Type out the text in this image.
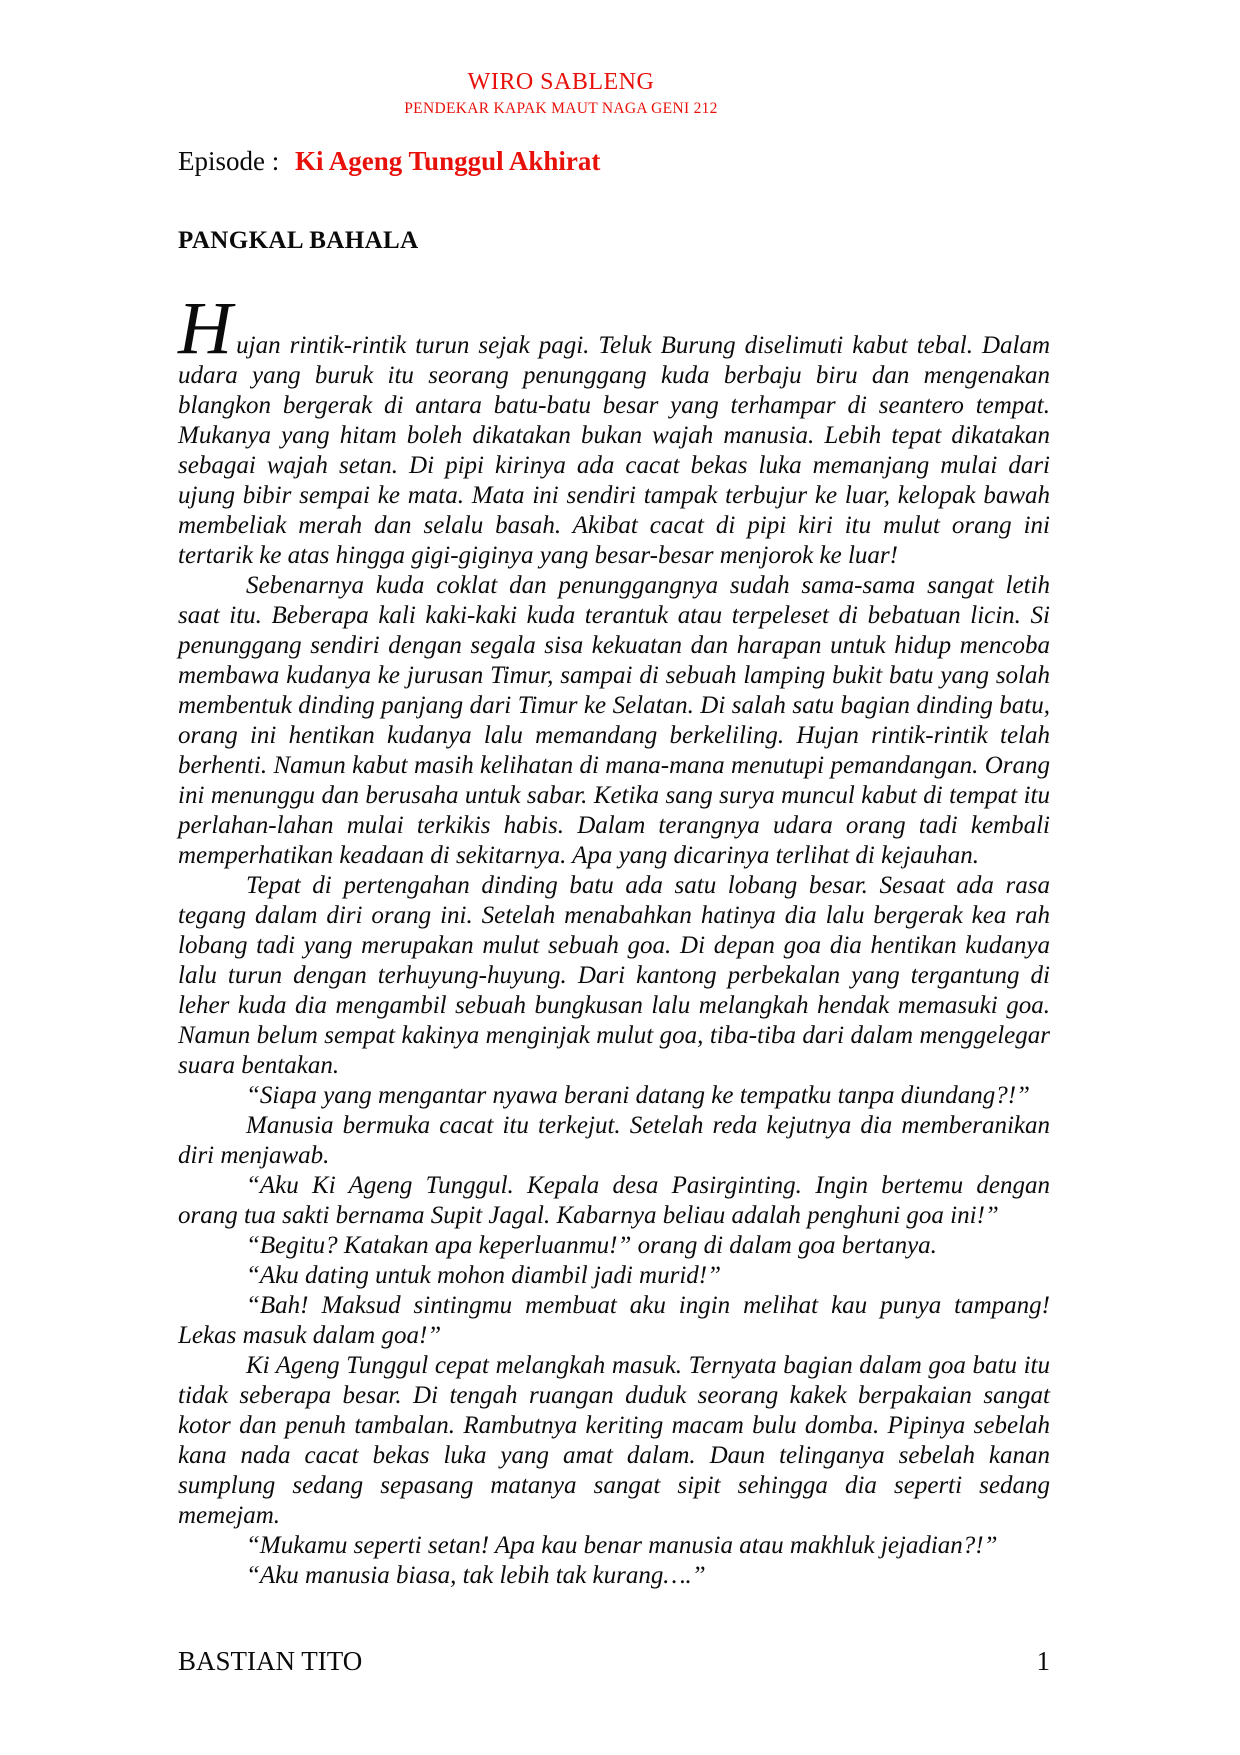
WIRO SABLENG
PENDEKAR KAPAK MAUT NAGA GENI 212
Episode : Ki Ageng Tunggul Akhirat
PANGKAL BAHALA

Hujan rintik-rintik turun sejak pagi. Teluk Burung diselimuti kabut tebal. Dalam udara yang buruk itu seorang penunggang kuda berbaju biru dan mengenakan blangkon bergerak di antara batu-batu besar yang terhampar di seantero tempat. Mukanya yang hitam boleh dikatakan bukan wajah manusia. Lebih tepat dikatakan sebagai wajah setan. Di pipi kirinya ada cacat bekas luka memanjang mulai dari ujung bibir sempai ke mata. Mata ini sendiri tampak terbujur ke luar, kelopak bawah membeliak merah dan selalu basah. Akibat cacat di pipi kiri itu mulut orang ini tertarik ke atas hingga gigi-giginya yang besar-besar menjorok ke luar!

Sebenarnya kuda coklat dan penunggangnya sudah sama-sama sangat letih saat itu. Beberapa kali kaki-kaki kuda terantuk atau terpeleset di bebatuan licin. Si penunggang sendiri dengan segala sisa kekuatan dan harapan untuk hidup mencoba membawa kudanya ke jurusan Timur, sampai di sebuah lamping bukit batu yang solah membentuk dinding panjang dari Timur ke Selatan. Di salah satu bagian dinding batu, orang ini hentikan kudanya lalu memandang berkeliling. Hujan rintik-rintik telah berhenti. Namun kabut masih kelihatan di mana-mana menutupi pemandangan. Orang ini menunggu dan berusaha untuk sabar. Ketika sang surya muncul kabut di tempat itu perlahan-lahan mulai terkikis habis. Dalam terangnya udara orang tadi kembali memperhatikan keadaan di sekitarnya. Apa yang dicarinya terlihat di kejauhan.

Tepat di pertengahan dinding batu ada satu lobang besar. Sesaat ada rasa tegang dalam diri orang ini. Setelah menabahkan hatinya dia lalu bergerak kea rah lobang tadi yang merupakan mulut sebuah goa. Di depan goa dia hentikan kudanya lalu turun dengan terhuyung-huyung. Dari kantong perbekalan yang tergantung di leher kuda dia mengambil sebuah bungkusan lalu melangkah hendak memasuki goa. Namun belum sempat kakinya menginjak mulut goa, tiba-tiba dari dalam menggelegar suara bentakan.

“Siapa yang mengantar nyawa berani datang ke tempatku tanpa diundang?!”

Manusia bermuka cacat itu terkejut. Setelah reda kejutnya dia memberanikan diri menjawab.

“Aku Ki Ageng Tunggul. Kepala desa Pasirginting. Ingin bertemu dengan orang tua sakti bernama Supit Jagal. Kabarnya beliau adalah penghuni goa ini!”

“Begitu? Katakan apa keperluanmu!” orang di dalam goa bertanya.

“Aku dating untuk mohon diambil jadi murid!”

“Bah! Maksud sintingmu membuat aku ingin melihat kau punya tampang! Lekas masuk dalam goa!”

Ki Ageng Tunggul cepat melangkah masuk. Ternyata bagian dalam goa batu itu tidak seberapa besar. Di tengah ruangan duduk seorang kakek berpakaian sangat kotor dan penuh tambalan. Rambutnya keriting macam bulu domba. Pipinya sebelah kana nada cacat bekas luka yang amat dalam. Daun telinganya sebelah kanan sumplung sedang sepasang matanya sangat sipit sehingga dia seperti sedang memejam.

“Mukamu seperti setan! Apa kau benar manusia atau makhluk jejadian?!”

“Aku manusia biasa, tak lebih tak kurang….”

BASTIAN TITO	1
